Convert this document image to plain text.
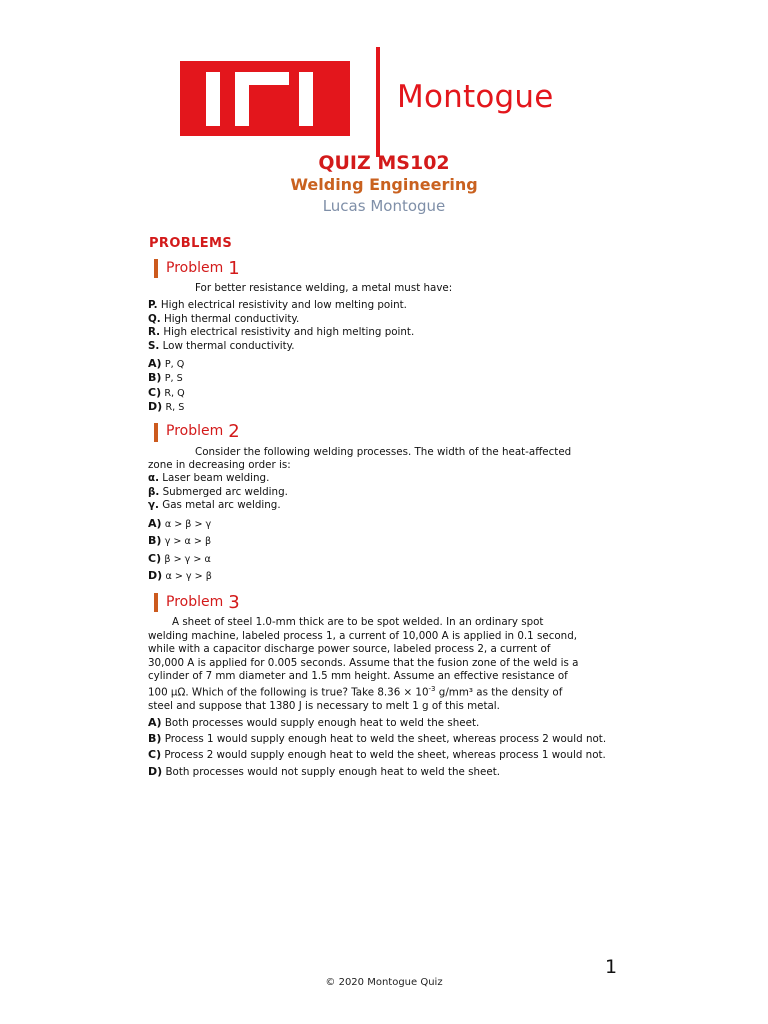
Montogue
QUIZ MS102
Welding Engineering
Lucas Montogue
PROBLEMS
Problem 1

For better resistance welding, a metal must have:

P. High electrical resistivity and low melting point.
Q. High thermal conductivity.
R. High electrical resistivity and high melting point.
S. Low thermal conductivity.
A) P, Q
B) P, S
C) R, Q
D) R, S
Problem 2

Consider the following welding processes. The width of the heat-affected

zone in decreasing order is:

α. Laser beam welding.
β. Submerged arc welding.
γ. Gas metal arc welding.
A) α > β > γ
B) γ > α > β
C) β > γ > α
D) α > γ > β
Problem 3

A sheet of steel 1.0-mm thick are to be spot welded. In an ordinary spot

welding machine, labeled process 1, a current of 10,000 A is applied in 0.1 second,

while with a capacitor discharge power source, labeled process 2, a current of

30,000 A is applied for 0.005 seconds. Assume that the fusion zone of the weld is a

cylinder of 7 mm diameter and 1.5 mm height. Assume an effective resistance of

100 μΩ. Which of the following is true? Take $8.36 \times 10^{-3}$ g/mm³ as the density of

steel and suppose that 1380 J is necessary to melt 1 g of this metal.

A) Both processes would supply enough heat to weld the sheet.
B) Process 1 would supply enough heat to weld the sheet, whereas process 2 would not.
C) Process 2 would supply enough heat to weld the sheet, whereas process 1 would not.
D) Both processes would not supply enough heat to weld the sheet.
1
© 2020 Montogue Quiz
